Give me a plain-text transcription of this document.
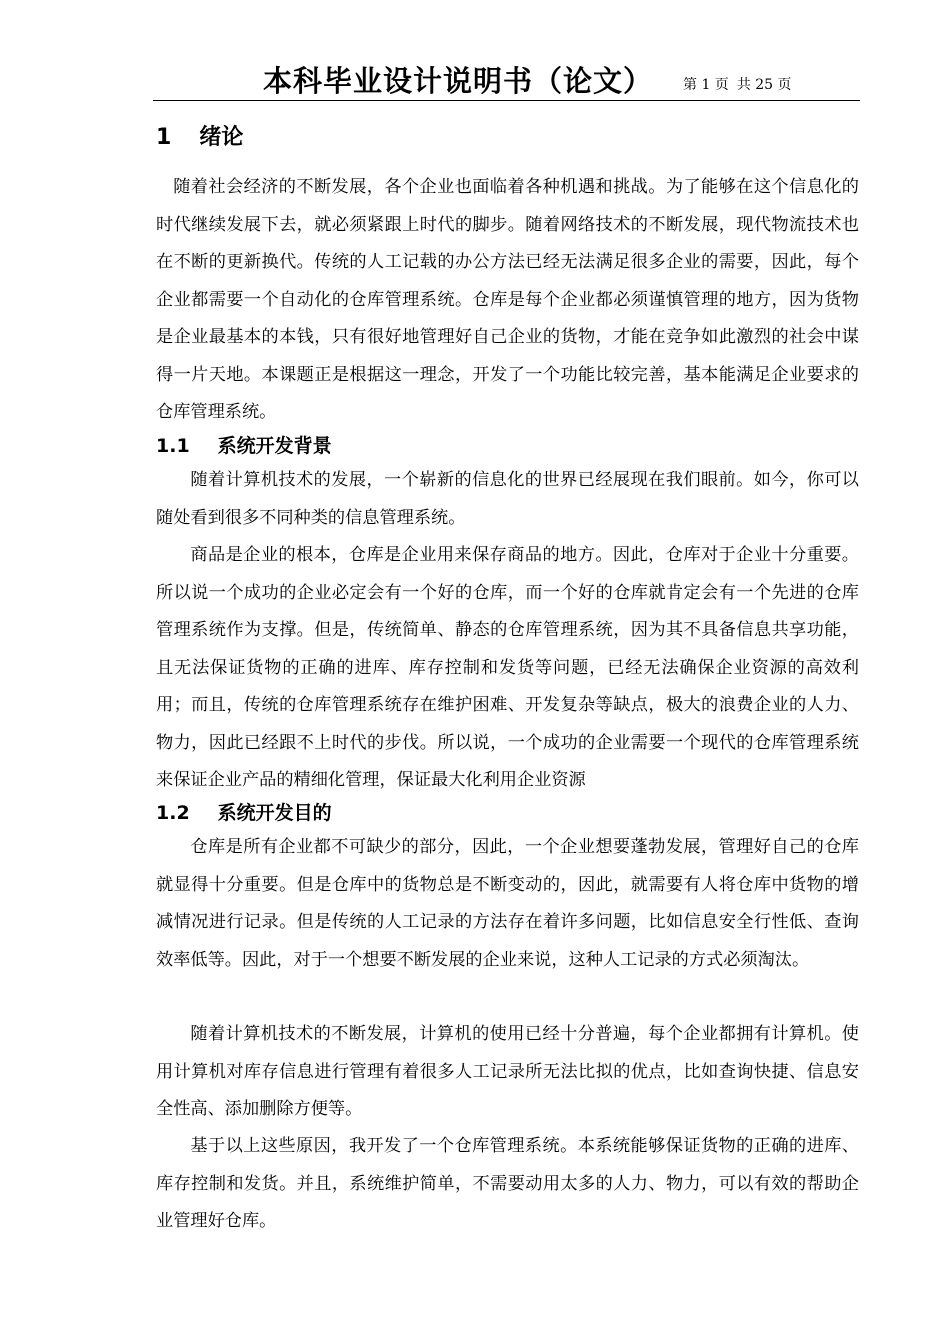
本科毕业设计说明书（论文） 第 1 页 共 25 页
1 绪论

随着社会经济的不断发展，各个企业也面临着各种机遇和挑战。为了能够在这个信息化的时代继续发展下去，就必须紧跟上时代的脚步。随着网络技术的不断发展，现代物流技术也在不断的更新换代。传统的人工记载的办公方法已经无法满足很多企业的需要，因此，每个企业都需要一个自动化的仓库管理系统。仓库是每个企业都必须谨慎管理的地方，因为货物是企业最基本的本钱，只有很好地管理好自己企业的货物，才能在竞争如此激烈的社会中谋得一片天地。本课题正是根据这一理念，开发了一个功能比较完善，基本能满足企业要求的仓库管理系统。

1.1 系统开发背景

随着计算机技术的发展，一个崭新的信息化的世界已经展现在我们眼前。如今，你可以随处看到很多不同种类的信息管理系统。

商品是企业的根本，仓库是企业用来保存商品的地方。因此，仓库对于企业十分重要。所以说一个成功的企业必定会有一个好的仓库，而一个好的仓库就肯定会有一个先进的仓库管理系统作为支撑。但是，传统简单、静态的仓库管理系统，因为其不具备信息共享功能，且无法保证货物的正确的进库、库存控制和发货等问题，已经无法确保企业资源的高效利用；而且，传统的仓库管理系统存在维护困难、开发复杂等缺点，极大的浪费企业的人力、物力，因此已经跟不上时代的步伐。所以说，一个成功的企业需要一个现代的仓库管理系统来保证企业产品的精细化管理，保证最大化利用企业资源

1.2 系统开发目的

仓库是所有企业都不可缺少的部分，因此，一个企业想要蓬勃发展，管理好自己的仓库就显得十分重要。但是仓库中的货物总是不断变动的，因此，就需要有人将仓库中货物的增减情况进行记录。但是传统的人工记录的方法存在着许多问题，比如信息安全行性低、查询效率低等。因此，对于一个想要不断发展的企业来说，这种人工记录的方式必须淘汰。

随着计算机技术的不断发展，计算机的使用已经十分普遍，每个企业都拥有计算机。使用计算机对库存信息进行管理有着很多人工记录所无法比拟的优点，比如查询快捷、信息安全性高、添加删除方便等。

基于以上这些原因，我开发了一个仓库管理系统。本系统能够保证货物的正确的进库、库存控制和发货。并且，系统维护简单，不需要动用太多的人力、物力，可以有效的帮助企业管理好仓库。
